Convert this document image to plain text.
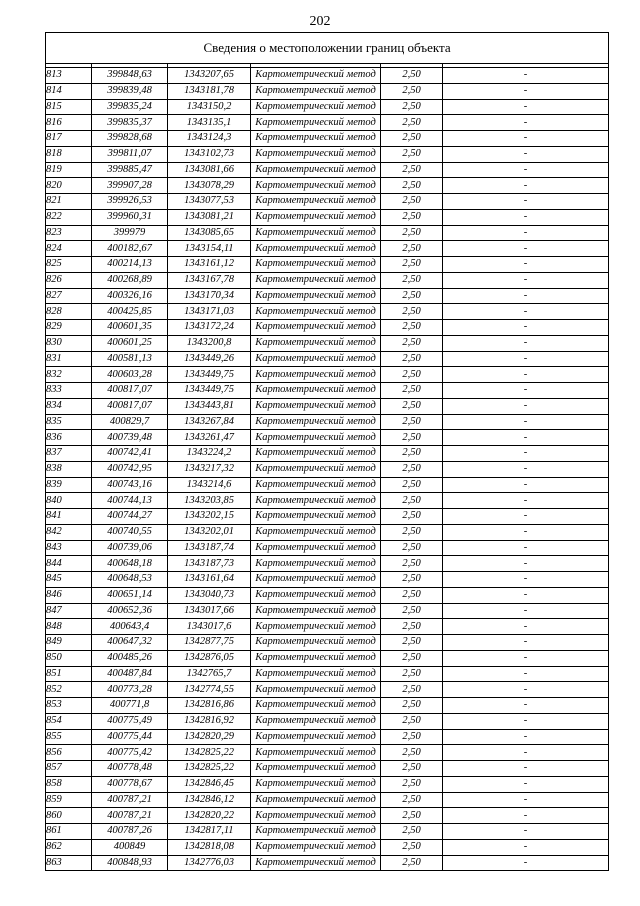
202
Сведения о местоположении границ объекта					

813	399848,63	1343207,65	Картометрический метод	2,50	-
814	399839,48	1343181,78	Картометрический метод	2,50	-
815	399835,24	1343150,2	Картометрический метод	2,50	-
816	399835,37	1343135,1	Картометрический метод	2,50	-
817	399828,68	1343124,3	Картометрический метод	2,50	-
818	399811,07	1343102,73	Картометрический метод	2,50	-
819	399885,47	1343081,66	Картометрический метод	2,50	-
820	399907,28	1343078,29	Картометрический метод	2,50	-
821	399926,53	1343077,53	Картометрический метод	2,50	-
822	399960,31	1343081,21	Картометрический метод	2,50	-
823	399979	1343085,65	Картометрический метод	2,50	-
824	400182,67	1343154,11	Картометрический метод	2,50	-
825	400214,13	1343161,12	Картометрический метод	2,50	-
826	400268,89	1343167,78	Картометрический метод	2,50	-
827	400326,16	1343170,34	Картометрический метод	2,50	-
828	400425,85	1343171,03	Картометрический метод	2,50	-
829	400601,35	1343172,24	Картометрический метод	2,50	-
830	400601,25	1343200,8	Картометрический метод	2,50	-
831	400581,13	1343449,26	Картометрический метод	2,50	-
832	400603,28	1343449,75	Картометрический метод	2,50	-
833	400817,07	1343449,75	Картометрический метод	2,50	-
834	400817,07	1343443,81	Картометрический метод	2,50	-
835	400829,7	1343267,84	Картометрический метод	2,50	-
836	400739,48	1343261,47	Картометрический метод	2,50	-
837	400742,41	1343224,2	Картометрический метод	2,50	-
838	400742,95	1343217,32	Картометрический метод	2,50	-
839	400743,16	1343214,6	Картометрический метод	2,50	-
840	400744,13	1343203,85	Картометрический метод	2,50	-
841	400744,27	1343202,15	Картометрический метод	2,50	-
842	400740,55	1343202,01	Картометрический метод	2,50	-
843	400739,06	1343187,74	Картометрический метод	2,50	-
844	400648,18	1343187,73	Картометрический метод	2,50	-
845	400648,53	1343161,64	Картометрический метод	2,50	-
846	400651,14	1343040,73	Картометрический метод	2,50	-
847	400652,36	1343017,66	Картометрический метод	2,50	-
848	400643,4	1343017,6	Картометрический метод	2,50	-
849	400647,32	1342877,75	Картометрический метод	2,50	-
850	400485,26	1342876,05	Картометрический метод	2,50	-
851	400487,84	1342765,7	Картометрический метод	2,50	-
852	400773,28	1342774,55	Картометрический метод	2,50	-
853	400771,8	1342816,86	Картометрический метод	2,50	-
854	400775,49	1342816,92	Картометрический метод	2,50	-
855	400775,44	1342820,29	Картометрический метод	2,50	-
856	400775,42	1342825,22	Картометрический метод	2,50	-
857	400778,48	1342825,22	Картометрический метод	2,50	-
858	400778,67	1342846,45	Картометрический метод	2,50	-
859	400787,21	1342846,12	Картометрический метод	2,50	-
860	400787,21	1342820,22	Картометрический метод	2,50	-
861	400787,26	1342817,11	Картометрический метод	2,50	-
862	400849	1342818,08	Картометрический метод	2,50	-
863	400848,93	1342776,03	Картометрический метод	2,50	-
